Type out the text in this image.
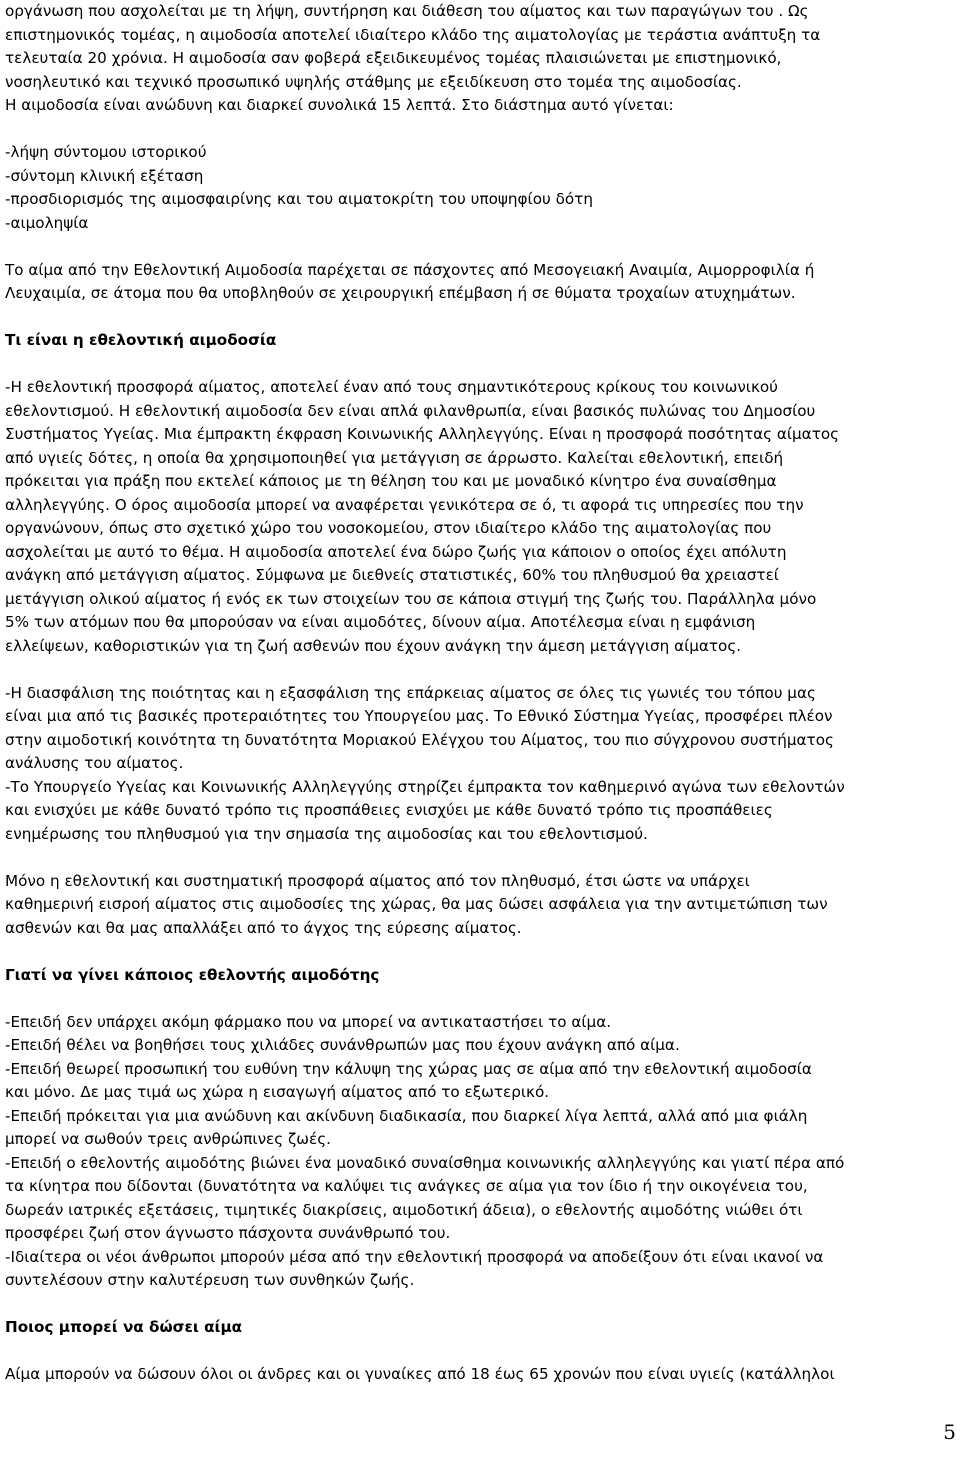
οργάνωση που ασχολείται με τη λήψη, συντήρηση και διάθεση του αίματος και των παραγώγων του . Ως
επιστημονικός τομέας, η αιμοδοσία αποτελεί ιδιαίτερο κλάδο της αιματολογίας με τεράστια ανάπτυξη τα
τελευταία 20 χρόνια. Η αιμοδοσία σαν φοβερά εξειδικευμένος τομέας πλαισιώνεται με επιστημονικό,
νοσηλευτικό και τεχνικό προσωπικό υψηλής στάθμης με εξειδίκευση στο τομέα της αιμοδοσίας.
Η αιμοδοσία είναι ανώδυνη και διαρκεί συνολικά 15 λεπτά. Στο διάστημα αυτό γίνεται:
-λήψη σύντομου ιστορικού
-σύντομη κλινική εξέταση
-προσδιορισμός της αιμοσφαιρίνης και του αιματοκρίτη του υποψηφίου δότη
-αιμοληψία
Το αίμα από την Εθελοντική Αιμοδοσία παρέχεται σε πάσχοντες από Μεσογειακή Αναιμία, Αιμορροφιλία ή
Λευχαιμία, σε άτομα που θα υποβληθούν σε χειρουργική επέμβαση ή σε θύματα τροχαίων ατυχημάτων.
Τι είναι η εθελοντική αιμοδοσία
-Η εθελοντική προσφορά αίματος, αποτελεί έναν από τους σημαντικότερους κρίκους του κοινωνικού
εθελοντισμού. Η εθελοντική αιμοδοσία δεν είναι απλά φιλανθρωπία, είναι βασικός πυλώνας του Δημοσίου
Συστήματος Υγείας. Μια έμπρακτη έκφραση Κοινωνικής Αλληλεγγύης. Είναι η προσφορά ποσότητας αίματος
από υγιείς δότες, η οποία θα χρησιμοποιηθεί για μετάγγιση σε άρρωστο. Καλείται εθελοντική, επειδή
πρόκειται για πράξη που εκτελεί κάποιος με τη θέληση του και με μοναδικό κίνητρο ένα συναίσθημα
αλληλεγγύης. Ο όρος αιμοδοσία μπορεί να αναφέρεται γενικότερα σε ό, τι αφορά τις υπηρεσίες που την
οργανώνουν, όπως στο σχετικό χώρο του νοσοκομείου, στον ιδιαίτερο κλάδο της αιματολογίας που
ασχολείται με αυτό το θέμα. Η αιμοδοσία αποτελεί ένα δώρο ζωής για κάποιον ο οποίος έχει απόλυτη
ανάγκη από μετάγγιση αίματος. Σύμφωνα με διεθνείς στατιστικές, 60% του πληθυσμού θα χρειαστεί
μετάγγιση ολικού αίματος ή ενός εκ των στοιχείων του σε κάποια στιγμή της ζωής του. Παράλληλα μόνο
5% των ατόμων που θα μπορούσαν να είναι αιμοδότες, δίνουν αίμα. Αποτέλεσμα είναι η εμφάνιση
ελλείψεων, καθοριστικών για τη ζωή ασθενών που έχουν ανάγκη την άμεση μετάγγιση αίματος.
-Η διασφάλιση της ποιότητας και η εξασφάλιση της επάρκειας αίματος σε όλες τις γωνιές του τόπου μας
είναι μια από τις βασικές προτεραιότητες του Υπουργείου μας. Το Εθνικό Σύστημα Υγείας, προσφέρει πλέον
στην αιμοδοτική κοινότητα τη δυνατότητα Μοριακού Ελέγχου του Αίματος, του πιο σύγχρονου συστήματος
ανάλυσης του αίματος.
-Το Υπουργείο Υγείας και Κοινωνικής Αλληλεγγύης στηρίζει έμπρακτα τον καθημερινό αγώνα των εθελοντών
και ενισχύει με κάθε δυνατό τρόπο τις προσπάθειες ενισχύει με κάθε δυνατό τρόπο τις προσπάθειες
ενημέρωσης του πληθυσμού για την σημασία της αιμοδοσίας και του εθελοντισμού.
Μόνο η εθελοντική και συστηματική προσφορά αίματος από τον πληθυσμό, έτσι ώστε να υπάρχει
καθημερινή εισροή αίματος στις αιμοδοσίες της χώρας, θα μας δώσει ασφάλεια για την αντιμετώπιση των
ασθενών και θα μας απαλλάξει από το άγχος της εύρεσης αίματος.
Γιατί να γίνει κάποιος εθελοντής αιμοδότης
-Επειδή δεν υπάρχει ακόμη φάρμακο που να μπορεί να αντικαταστήσει το αίμα.
-Επειδή θέλει να βοηθήσει τους χιλιάδες συνάνθρωπών μας που έχουν ανάγκη από αίμα.
-Επειδή θεωρεί προσωπική του ευθύνη την κάλυψη της χώρας μας σε αίμα από την εθελοντική αιμοδοσία
και μόνο. Δε μας τιμά ως χώρα η εισαγωγή αίματος από το εξωτερικό.
-Επειδή πρόκειται για μια ανώδυνη και ακίνδυνη διαδικασία, που διαρκεί λίγα λεπτά, αλλά από μια φιάλη
μπορεί να σωθούν τρεις ανθρώπινες ζωές.
-Επειδή ο εθελοντής αιμοδότης βιώνει ένα μοναδικό συναίσθημα κοινωνικής αλληλεγγύης και γιατί πέρα από
τα κίνητρα που δίδονται (δυνατότητα να καλύψει τις ανάγκες σε αίμα για τον ίδιο ή την οικογένεια του,
δωρεάν ιατρικές εξετάσεις, τιμητικές διακρίσεις, αιμοδοτική άδεια), ο εθελοντής αιμοδότης νιώθει ότι
προσφέρει ζωή στον άγνωστο πάσχοντα συνάνθρωπό του.
-Ιδιαίτερα οι νέοι άνθρωποι μπορούν μέσα από την εθελοντική προσφορά να αποδείξουν ότι είναι ικανοί να
συντελέσουν στην καλυτέρευση των συνθηκών ζωής.
Ποιος μπορεί να δώσει αίμα
Αίμα μπορούν να δώσουν όλοι οι άνδρες και οι γυναίκες από 18 έως 65 χρονών που είναι υγιείς (κατάλληλοι
5
